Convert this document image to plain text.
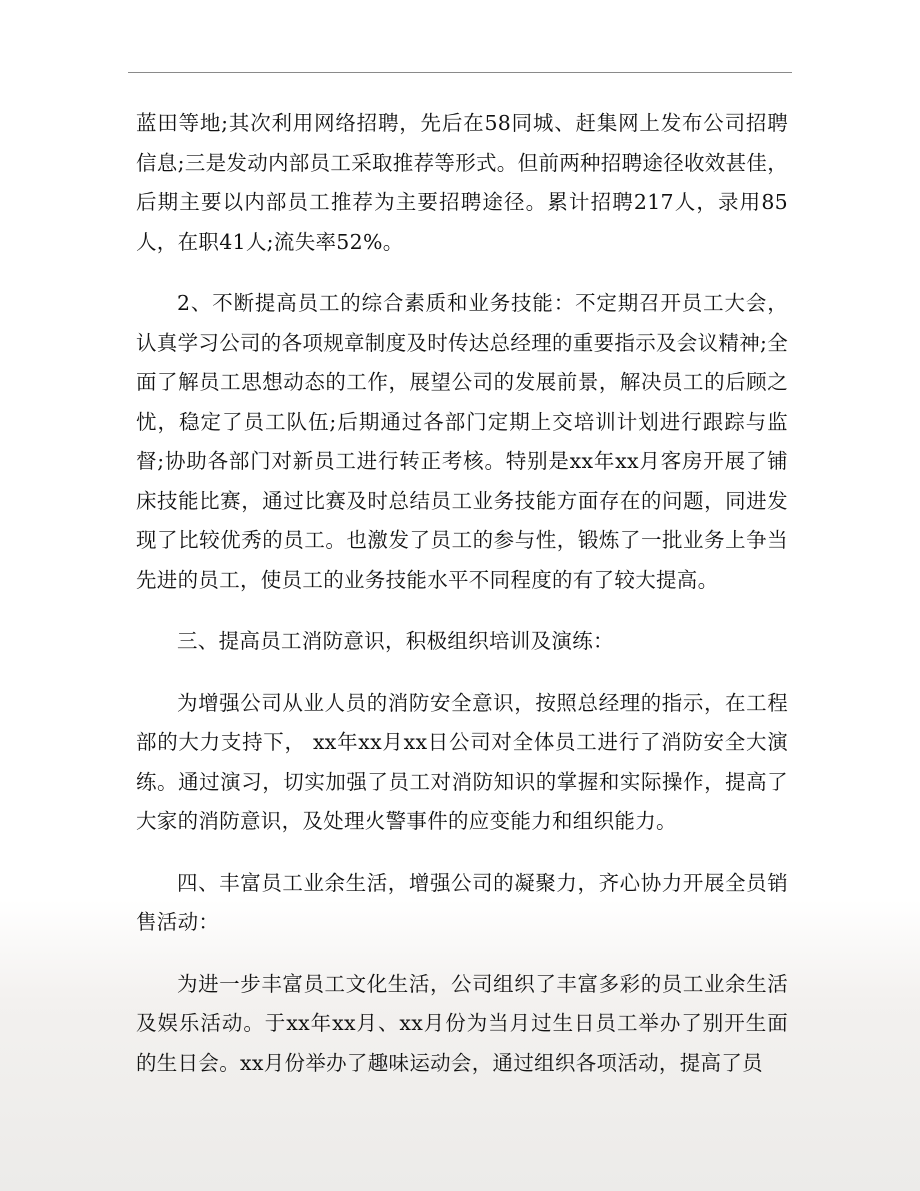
蓝田等地;其次利用网络招聘，先后在58同城、赶集网上发布公司招聘信息;三是发动内部员工采取推荐等形式。但前两种招聘途径收效甚佳，后期主要以内部员工推荐为主要招聘途径。累计招聘217人，录用85人，在职41人;流失率52%。

2、不断提高员工的综合素质和业务技能：不定期召开员工大会，认真学习公司的各项规章制度及时传达总经理的重要指示及会议精神;全面了解员工思想动态的工作，展望公司的发展前景，解决员工的后顾之忧，稳定了员工队伍;后期通过各部门定期上交培训计划进行跟踪与监督;协助各部门对新员工进行转正考核。特别是xx年xx月客房开展了铺床技能比赛，通过比赛及时总结员工业务技能方面存在的问题，同进发现了比较优秀的员工。也激发了员工的参与性，锻炼了一批业务上争当先进的员工，使员工的业务技能水平不同程度的有了较大提高。

三、提高员工消防意识，积极组织培训及演练：

为增强公司从业人员的消防安全意识，按照总经理的指示，在工程部的大力支持下， xx年xx月xx日公司对全体员工进行了消防安全大演练。通过演习，切实加强了员工对消防知识的掌握和实际操作，提高了大家的消防意识，及处理火警事件的应变能力和组织能力。

四、丰富员工业余生活，增强公司的凝聚力，齐心协力开展全员销售活动：

为进一步丰富员工文化生活，公司组织了丰富多彩的员工业余生活及娱乐活动。于xx年xx月、xx月份为当月过生日员工举办了别开生面的生日会。xx月份举办了趣味运动会，通过组织各项活动，提高了员
